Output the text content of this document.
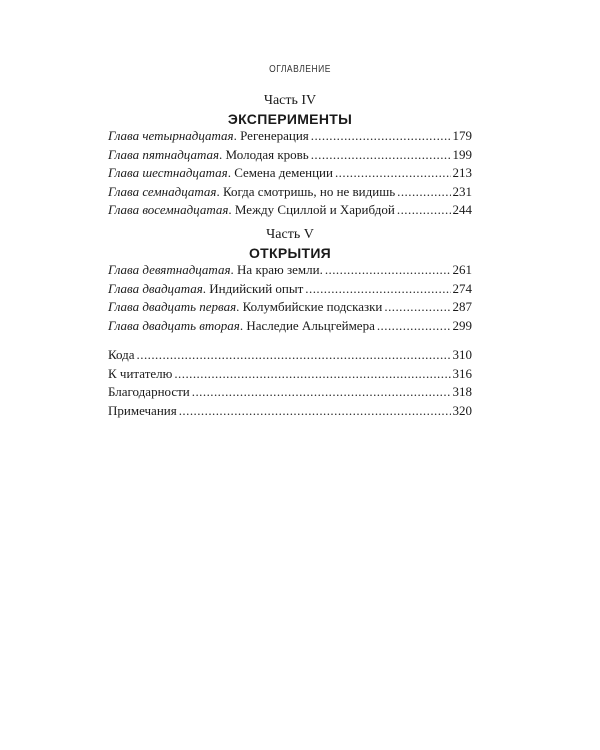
ОГЛАВЛЕНИЕ
Часть IV
ЭКСПЕРИМЕНТЫ
Глава четырнадцатая. Регенерация . . .	179
Глава пятнадцатая. Молодая кровь . . .	199
Глава шестнадцатая. Семена деменции . . .	213
Глава семнадцатая. Когда смотришь, но не видишь . . .	231
Глава восемнадцатая. Между Сциллой и Харибдой . . .	244
Часть V
ОТКРЫТИЯ
Глава девятнадцатая. На краю земли. . . .	261
Глава двадцатая. Индийский опыт . . .	274
Глава двадцать первая. Колумбийские подсказки . . .	287
Глава двадцать вторая. Наследие Альцгеймера . . .	299
Кода . . .	310
К читателю . . .	316
Благодарности . . .	318
Примечания . . .	320
